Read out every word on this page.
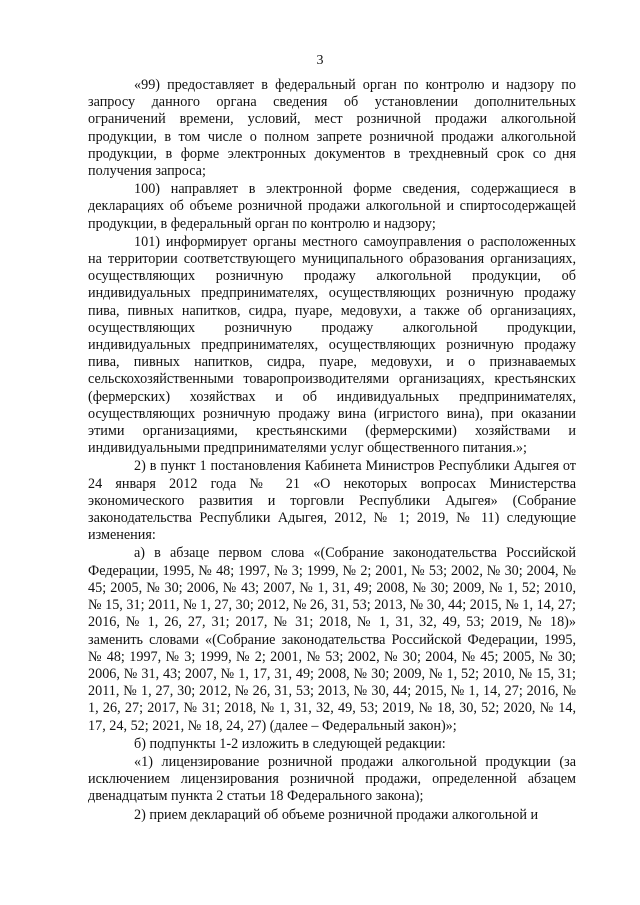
3

«99) предоставляет в федеральный орган по контролю и надзору по запросу данного органа сведения об установлении дополнительных ограничений времени, условий, мест розничной продажи алкогольной продукции, в том числе о полном запрете розничной продажи алкогольной продукции, в форме электронных документов в трехдневный срок со дня получения запроса;

100) направляет в электронной форме сведения, содержащиеся в декларациях об объеме розничной продажи алкогольной и спиртосодержащей продукции, в федеральный орган по контролю и надзору;

101) информирует органы местного самоуправления о расположенных на территории соответствующего муниципального образования организациях, осуществляющих розничную продажу алкогольной продукции, об индивидуальных предпринимателях, осуществляющих розничную продажу пива, пивных напитков, сидра, пуаре, медовухи, а также об организациях, осуществляющих розничную продажу алкогольной продукции, индивидуальных предпринимателях, осуществляющих розничную продажу пива, пивных напитков, сидра, пуаре, медовухи, и о признаваемых сельскохозяйственными товаропроизводителями организациях, крестьянских (фермерских) хозяйствах и об индивидуальных предпринимателях, осуществляющих розничную продажу вина (игристого вина), при оказании этими организациями, крестьянскими (фермерскими) хозяйствами и индивидуальными предпринимателями услуг общественного питания.»;

2) в пункт 1 постановления Кабинета Министров Республики Адыгея от 24 января 2012 года № 21 «О некоторых вопросах Министерства экономического развития и торговли Республики Адыгея» (Собрание законодательства Республики Адыгея, 2012, № 1; 2019, № 11) следующие изменения:

а) в абзаце первом слова «(Собрание законодательства Российской Федерации, 1995, № 48; 1997, № 3; 1999, № 2; 2001, № 53; 2002, № 30; 2004, № 45; 2005, № 30; 2006, № 43; 2007, № 1, 31, 49; 2008, № 30; 2009, № 1, 52; 2010, № 15, 31; 2011, № 1, 27, 30; 2012, № 26, 31, 53; 2013, № 30, 44; 2015, № 1, 14, 27; 2016, № 1, 26, 27, 31; 2017, № 31; 2018, № 1, 31, 32, 49, 53; 2019, № 18)» заменить словами «(Собрание законодательства Российской Федерации, 1995, № 48; 1997, № 3; 1999, № 2; 2001, № 53; 2002, № 30; 2004, № 45; 2005, № 30; 2006, № 31, 43; 2007, № 1, 17, 31, 49; 2008, № 30; 2009, № 1, 52; 2010, № 15, 31; 2011, № 1, 27, 30; 2012, № 26, 31, 53; 2013, № 30, 44; 2015, № 1, 14, 27; 2016, № 1, 26, 27; 2017, № 31; 2018, № 1, 31, 32, 49, 53; 2019, № 18, 30, 52; 2020, № 14, 17, 24, 52; 2021, № 18, 24, 27) (далее – Федеральный закон)»;

б) подпункты 1-2 изложить в следующей редакции:

«1) лицензирование розничной продажи алкогольной продукции (за исключением лицензирования розничной продажи, определенной абзацем двенадцатым пункта 2 статьи 18 Федерального закона);

2) прием деклараций об объеме розничной продажи алкогольной и
